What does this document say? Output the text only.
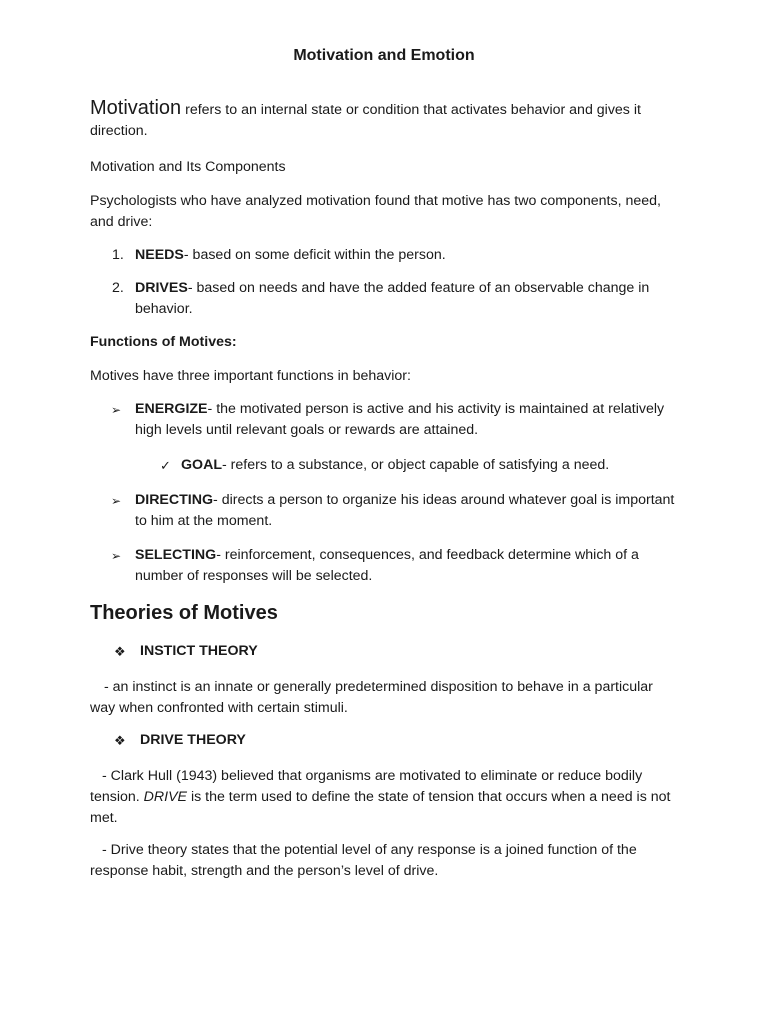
Motivation and Emotion

Motivation refers to an internal state or condition that activates behavior and gives it direction.

Motivation and Its Components

Psychologists who have analyzed motivation found that motive has two components, need, and drive:

1. NEEDS- based on some deficit within the person.

2. DRIVES- based on needs and have the added feature of an observable change in behavior.

Functions of Motives:

Motives have three important functions in behavior:

➢ ENERGIZE- the motivated person is active and his activity is maintained at relatively high levels until relevant goals or rewards are attained.

✓ GOAL- refers to a substance, or object capable of satisfying a need.

➢ DIRECTING- directs a person to organize his ideas around whatever goal is important to him at the moment.

➢ SELECTING- reinforcement, consequences, and feedback determine which of a number of responses will be selected.

Theories of Motives

❖ INSTICT THEORY

- an instinct is an innate or generally predetermined disposition to behave in a particular way when confronted with certain stimuli.

❖ DRIVE THEORY

- Clark Hull (1943) believed that organisms are motivated to eliminate or reduce bodily tension. DRIVE is the term used to define the state of tension that occurs when a need is not met.

- Drive theory states that the potential level of any response is a joined function of the response habit, strength and the person’s level of drive.
